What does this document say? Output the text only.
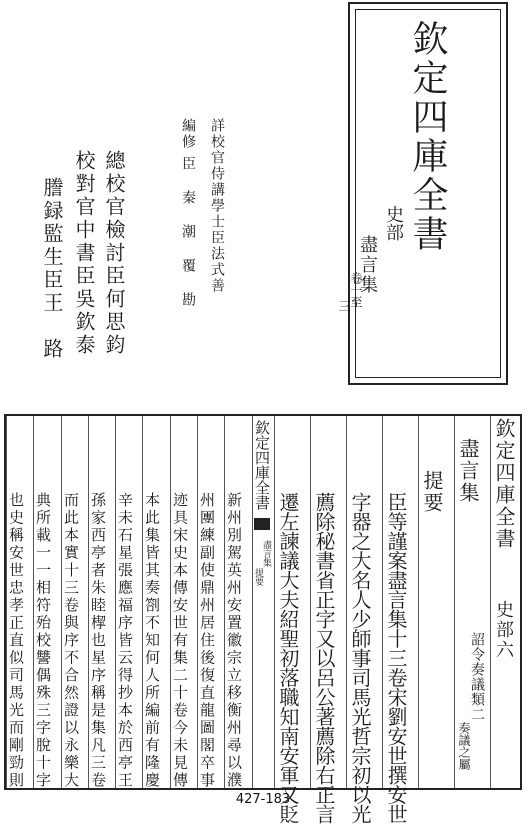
欽定四庫全書
史部
盡言集
卷一至
三
詳校官侍講學士臣法式善
編修
臣 秦 潮 覆 勘
總校官檢討臣何思鈞
校對官中書臣吳欽泰
謄録監生臣王　路
欽定四庫全書
史部六
詔令奏議類二
奏議之屬
盡言集
提要
欽定四庫全書
盡言集
提要
427-183	臣等謹案盡言集十三卷宋劉安世撰安世
字器之大名人少師事司馬光哲宗初以光
薦除秘書省正字又以呂公著薦除右正言
遷左諫議大夫紹聖初落職知南安軍又貶
新州別駕英州安置徽宗立移衡州尋以濮
州團練副使鼎州居住後復直龍圖閣卒事
迹具宋史本傳安世有集二十卷今未見傳
本此集皆其奏劄不知何人所編前有隆慶
辛未石星張應福序皆云得抄本於西亭王
孫家西亭者朱睦㮮也星序稱是集凡三卷
而此本實十三卷與序不合然證以永樂大
典所載一一相符殆校讐偶殊三字脫十字
也史稱安世忠孝正直似司馬光而剛勁則
